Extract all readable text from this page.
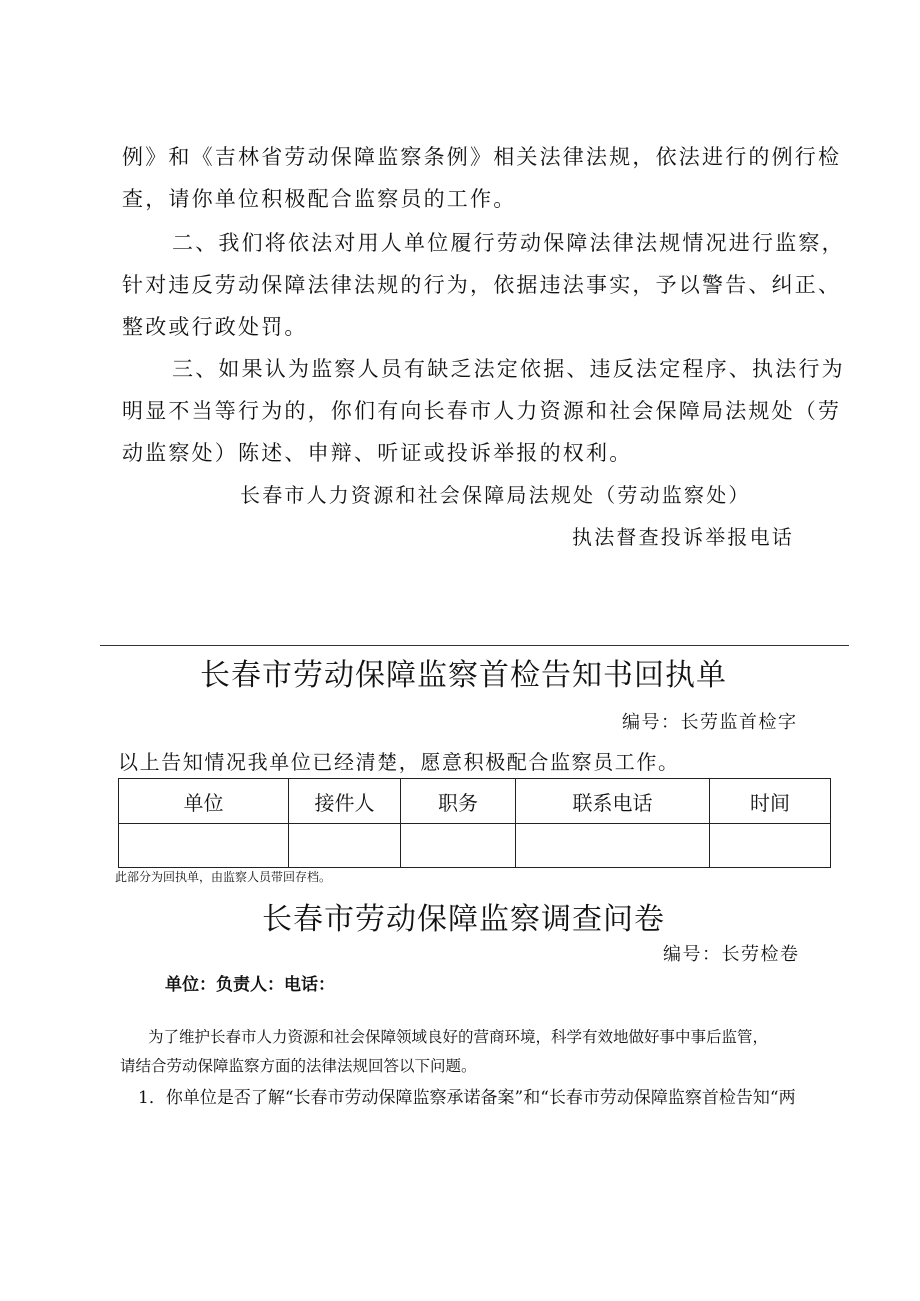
例》和《吉林省劳动保障监察条例》相关法律法规，依法进行的例行检
查，请你单位积极配合监察员的工作。
二、我们将依法对用人单位履行劳动保障法律法规情况进行监察，
针对违反劳动保障法律法规的行为，依据违法事实，予以警告、纠正、
整改或行政处罚。
三、如果认为监察人员有缺乏法定依据、违反法定程序、执法行为
明显不当等行为的，你们有向长春市人力资源和社会保障局法规处（劳
动监察处）陈述、申辩、听证或投诉举报的权利。
长春市人力资源和社会保障局法规处（劳动监察处）
执法督查投诉举报电话
长春市劳动保障监察首检告知书回执单
编号：长劳监首检字
以上告知情况我单位已经清楚，愿意积极配合监察员工作。
单位	接件人	职务	联系电话	时间

此部分为回执单，由监察人员带回存档。
长春市劳动保障监察调查问卷
编号：长劳检卷
单位：负责人：电话：
为了维护长春市人力资源和社会保障领域良好的营商环境，科学有效地做好事中事后监管，
请结合劳动保障监察方面的法律法规回答以下问题。
1．你单位是否了解“长春市劳动保障监察承诺备案”和“长春市劳动保障监察首检告知“两
